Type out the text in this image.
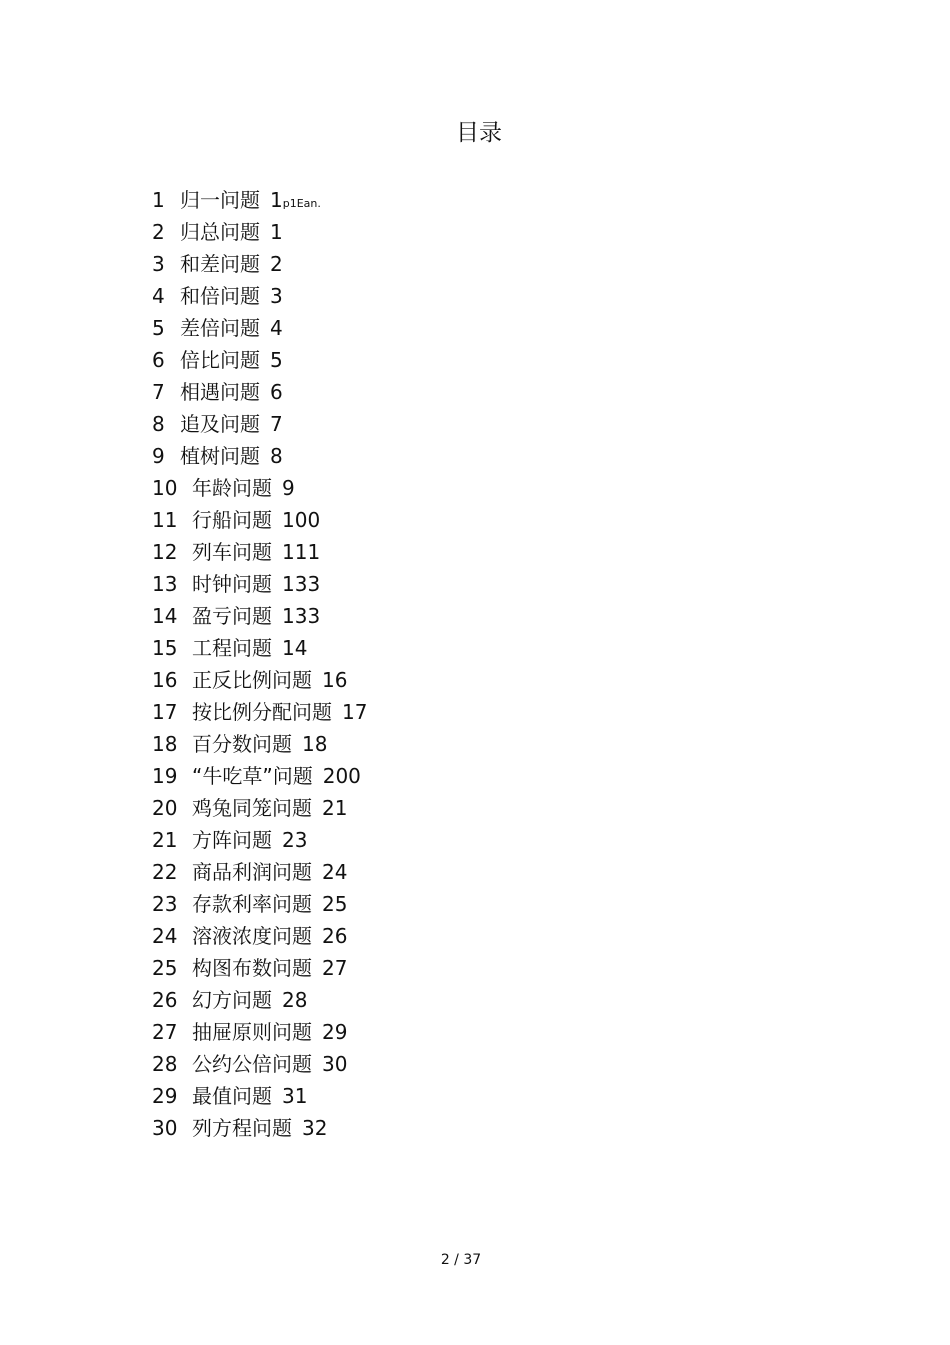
目录
1 归一问题 1p1Ean.
2 归总问题 1
3 和差问题 2
4 和倍问题 3
5 差倍问题 4
6 倍比问题 5
7 相遇问题 6
8 追及问题 7
9 植树问题 8
10 年龄问题 9
11 行船问题 100
12 列车问题 111
13 时钟问题 133
14 盈亏问题 133
15 工程问题 14
16 正反比例问题 16
17 按比例分配问题 17
18 百分数问题 18
19 “牛吃草”问题 200
20 鸡兔同笼问题 21
21 方阵问题 23
22 商品利润问题 24
23 存款利率问题 25
24 溶液浓度问题 26
25 构图布数问题 27
26 幻方问题 28
27 抽屉原则问题 29
28 公约公倍问题 30
29 最值问题 31
30 列方程问题 32
2 / 37
